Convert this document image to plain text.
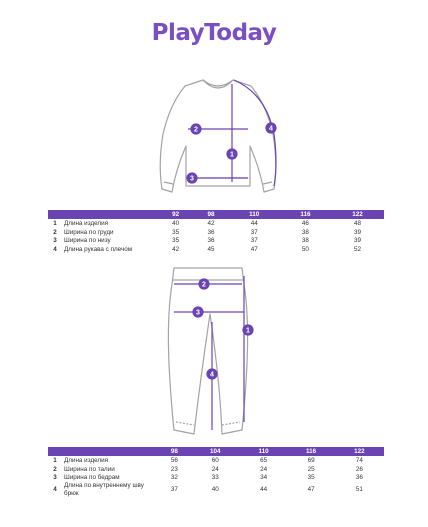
PlayToday
1
2
3
4
		92	98	110	116	122
1	Длина изделия	40	42	44	46	48
2	Ширина по груди	35	36	37	38	39
3	Ширина по низу	35	36	37	38	39
4	Длина рукава с плечом	42	45	47	50	52
1
2
3
4
		98	104	110	116	122
1	Длина изделия	56	60	65	69	74
2	Ширина по талии	23	24	24	25	26
3	Ширина по бедрам	32	33	34	35	36
4	Длина по внутреннему шву брюк	37	40	44	47	51
